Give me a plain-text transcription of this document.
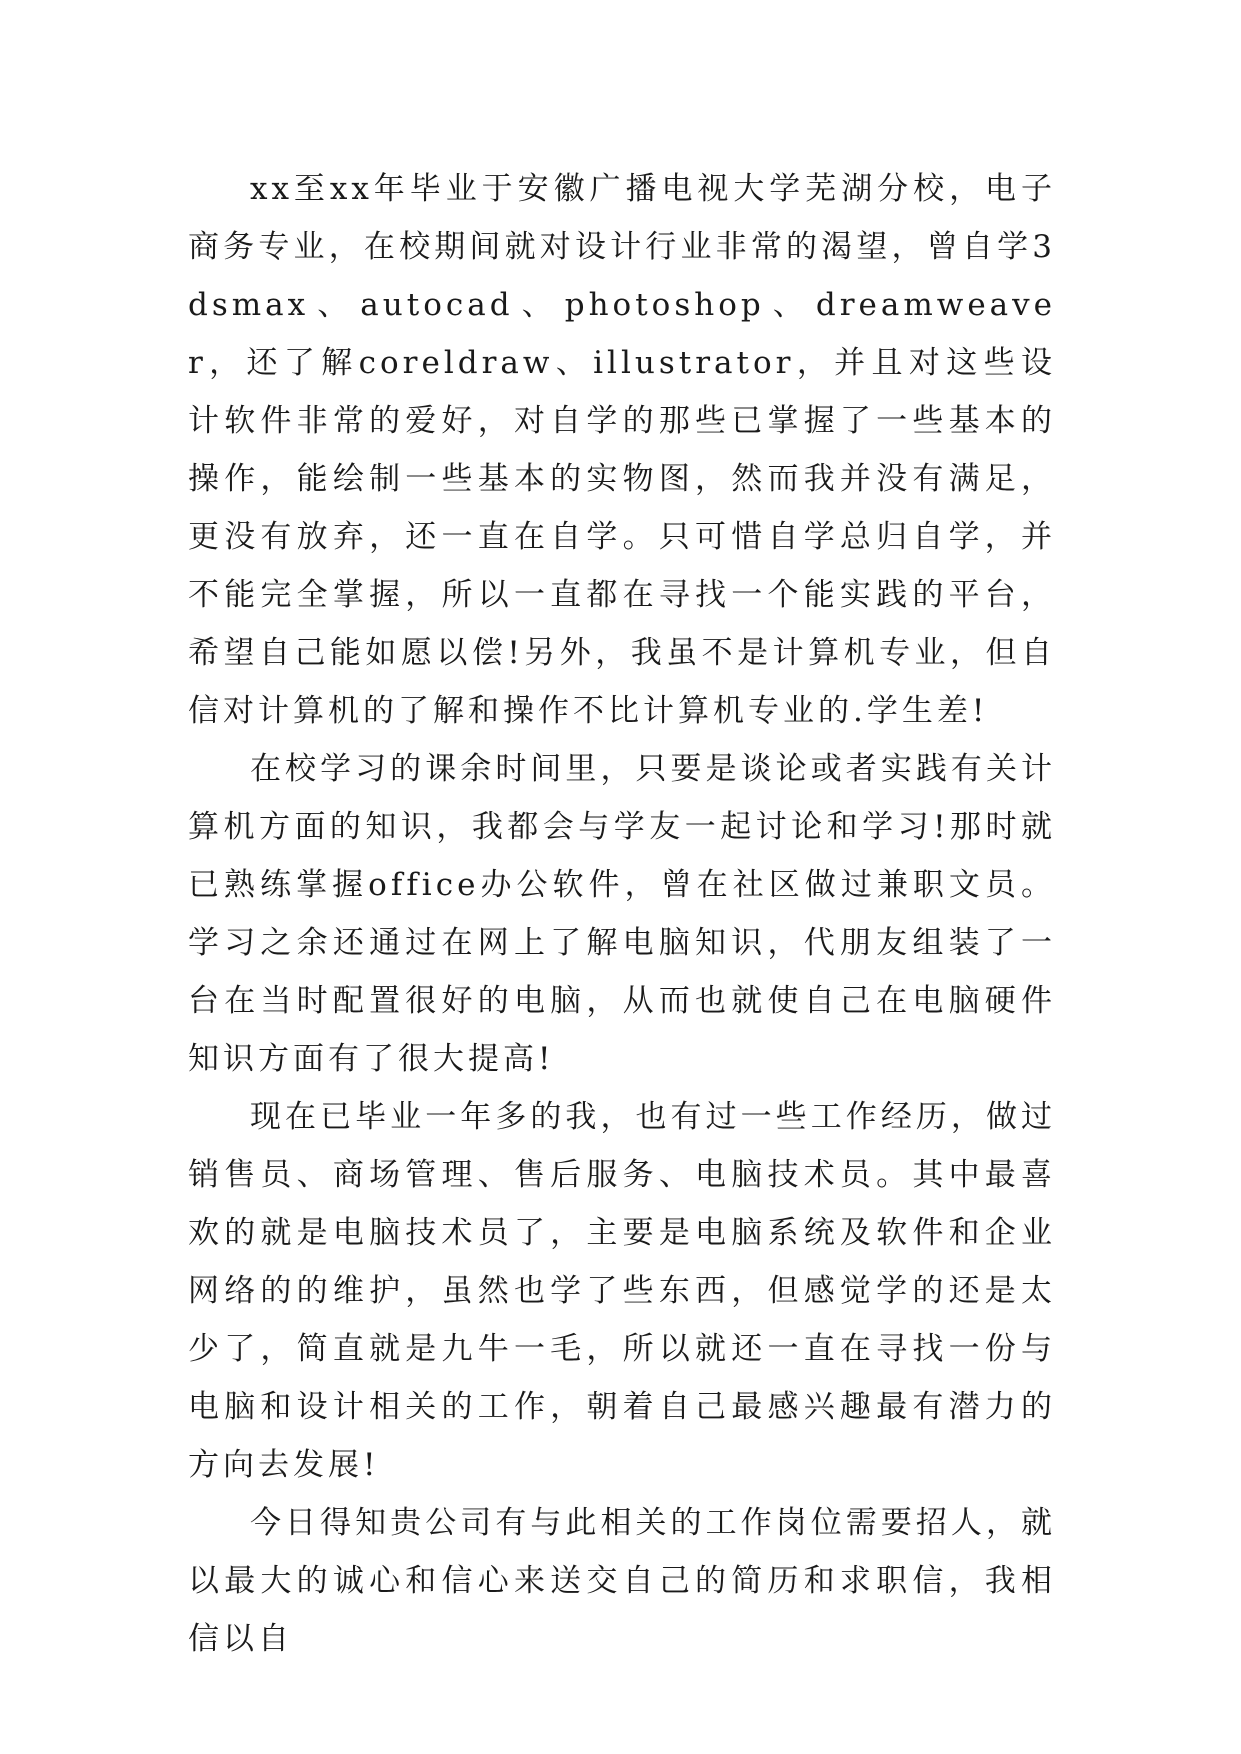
xx至xx年毕业于安徽广播电视大学芜湖分校，电子商务专业，在校期间就对设计行业非常的渴望，曾自学3dsmax、autocad、photoshop、dreamweaver，还了解coreldraw、illustrator，并且对这些设计软件非常的爱好，对自学的那些已掌握了一些基本的操作，能绘制一些基本的实物图，然而我并没有满足，更没有放弃，还一直在自学。只可惜自学总归自学，并不能完全掌握，所以一直都在寻找一个能实践的平台，希望自己能如愿以偿!另外，我虽不是计算机专业，但自信对计算机的了解和操作不比计算机专业的.学生差!

在校学习的课余时间里，只要是谈论或者实践有关计算机方面的知识，我都会与学友一起讨论和学习!那时就已熟练掌握office办公软件，曾在社区做过兼职文员。学习之余还通过在网上了解电脑知识，代朋友组装了一台在当时配置很好的电脑，从而也就使自己在电脑硬件知识方面有了很大提高!

现在已毕业一年多的我，也有过一些工作经历，做过销售员、商场管理、售后服务、电脑技术员。其中最喜欢的就是电脑技术员了，主要是电脑系统及软件和企业网络的的维护，虽然也学了些东西，但感觉学的还是太少了，简直就是九牛一毛，所以就还一直在寻找一份与电脑和设计相关的工作，朝着自己最感兴趣最有潜力的方向去发展!

今日得知贵公司有与此相关的工作岗位需要招人，就以最大的诚心和信心来送交自己的简历和求职信，我相信以自
